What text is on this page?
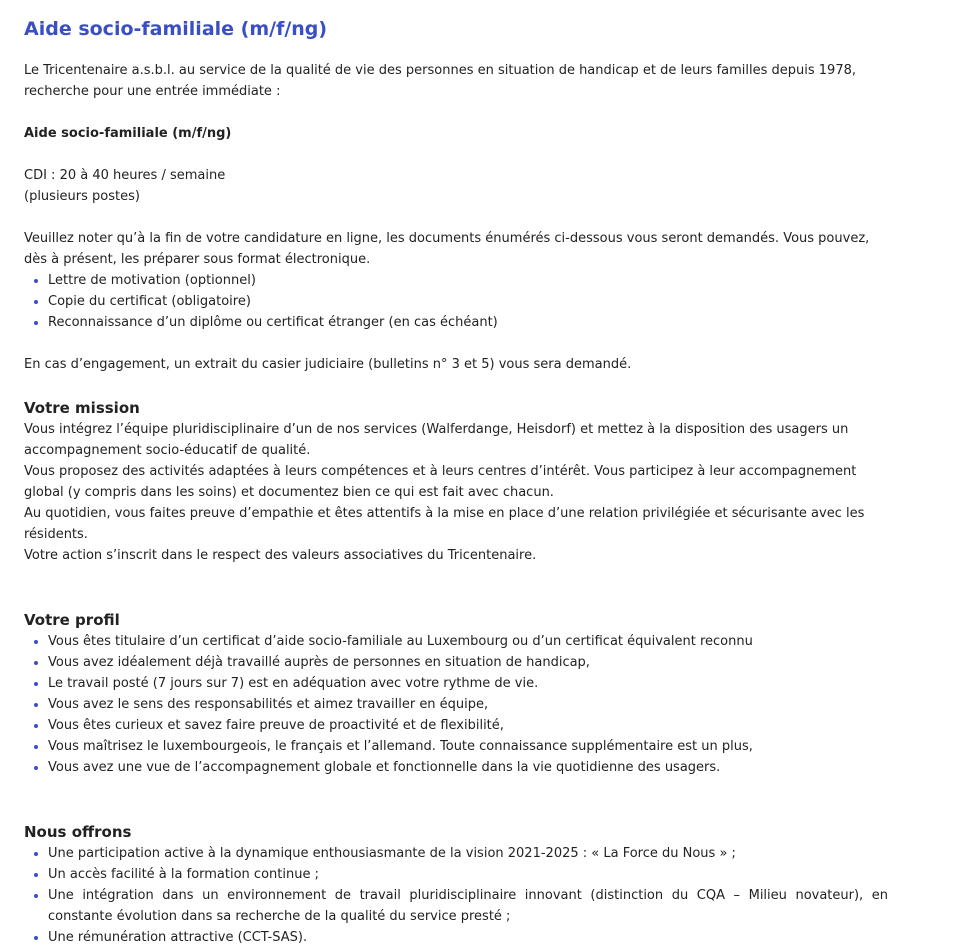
Aide socio-familiale (m/f/ng)

Le Tricentenaire a.s.b.l. au service de la qualité de vie des personnes en situation de handicap et de leurs familles depuis 1978, recherche pour une entrée immédiate :

Aide socio-familiale (m/f/ng)

CDI : 20 à 40 heures / semaine

(plusieurs postes)

Veuillez noter qu’à la fin de votre candidature en ligne, les documents énumérés ci-dessous vous seront demandés. Vous pouvez, dès à présent, les préparer sous format électronique.

Lettre de motivation (optionnel)
Copie du certificat (obligatoire)
Reconnaissance d’un diplôme ou certificat étranger (en cas échéant)

En cas d’engagement, un extrait du casier judiciaire (bulletins n° 3 et 5) vous sera demandé.

Votre mission

Vous intégrez l’équipe pluridisciplinaire d’un de nos services (Walferdange, Heisdorf) et mettez à la disposition des usagers un accompagnement socio-éducatif de qualité.

Vous proposez des activités adaptées à leurs compétences et à leurs centres d’intérêt. Vous participez à leur accompagnement global (y compris dans les soins) et documentez bien ce qui est fait avec chacun.

Au quotidien, vous faites preuve d’empathie et êtes attentifs à la mise en place d’une relation privilégiée et sécurisante avec les résidents.

Votre action s’inscrit dans le respect des valeurs associatives du Tricentenaire.

Votre profil
Vous êtes titulaire d’un certificat d’aide socio-familiale au Luxembourg ou d’un certificat équivalent reconnu
Vous avez idéalement déjà travaillé auprès de personnes en situation de handicap,
Le travail posté (7 jours sur 7) est en adéquation avec votre rythme de vie.
Vous avez le sens des responsabilités et aimez travailler en équipe,
Vous êtes curieux et savez faire preuve de proactivité et de flexibilité,
Vous maîtrisez le luxembourgeois, le français et l’allemand. Toute connaissance supplémentaire est un plus,
Vous avez une vue de l’accompagnement globale et fonctionnelle dans la vie quotidienne des usagers.
Nous offrons
Une participation active à la dynamique enthousiasmante de la vision 2021-2025 : « La Force du Nous » ;
Un accès facilité à la formation continue ;
Une intégration dans un environnement de travail pluridisciplinaire innovant (distinction du CQA – Milieu novateur), en constante évolution dans sa recherche de la qualité du service presté ;
Une rémunération attractive (CCT-SAS).
